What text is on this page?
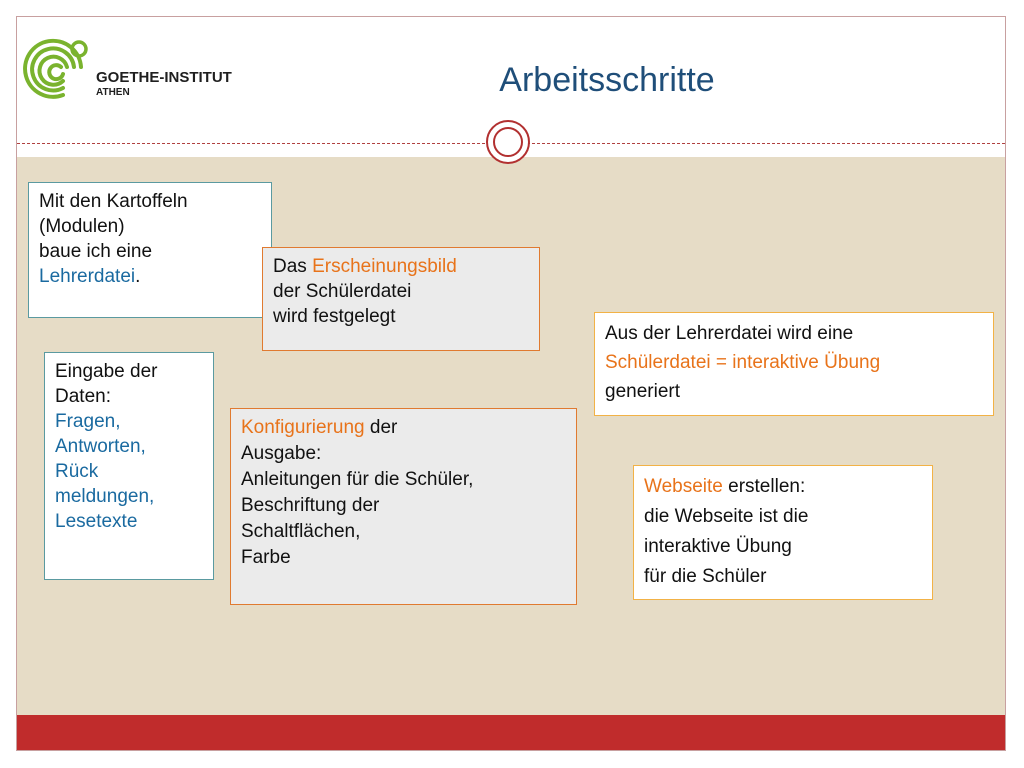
GOETHE-INSTITUT
ATHEN	Arbeitsschritte
Mit den Kartoffeln
(Modulen)
baue ich eine
Lehrerdatei.	Das Erscheinungsbild
der Schülerdatei
wird festgelegt
Eingabe der
Daten:
Fragen,
Antworten,
Rück
meldungen,
Lesetexte
Konfigurierung der
Ausgabe:
Anleitungen für die Schüler,
Beschriftung der
Schaltflächen,
Farbe
Aus der Lehrerdatei wird eine
Schülerdatei = interaktive Übung
generiert
Webseite erstellen:
die Webseite ist die
interaktive Übung
für die Schüler
